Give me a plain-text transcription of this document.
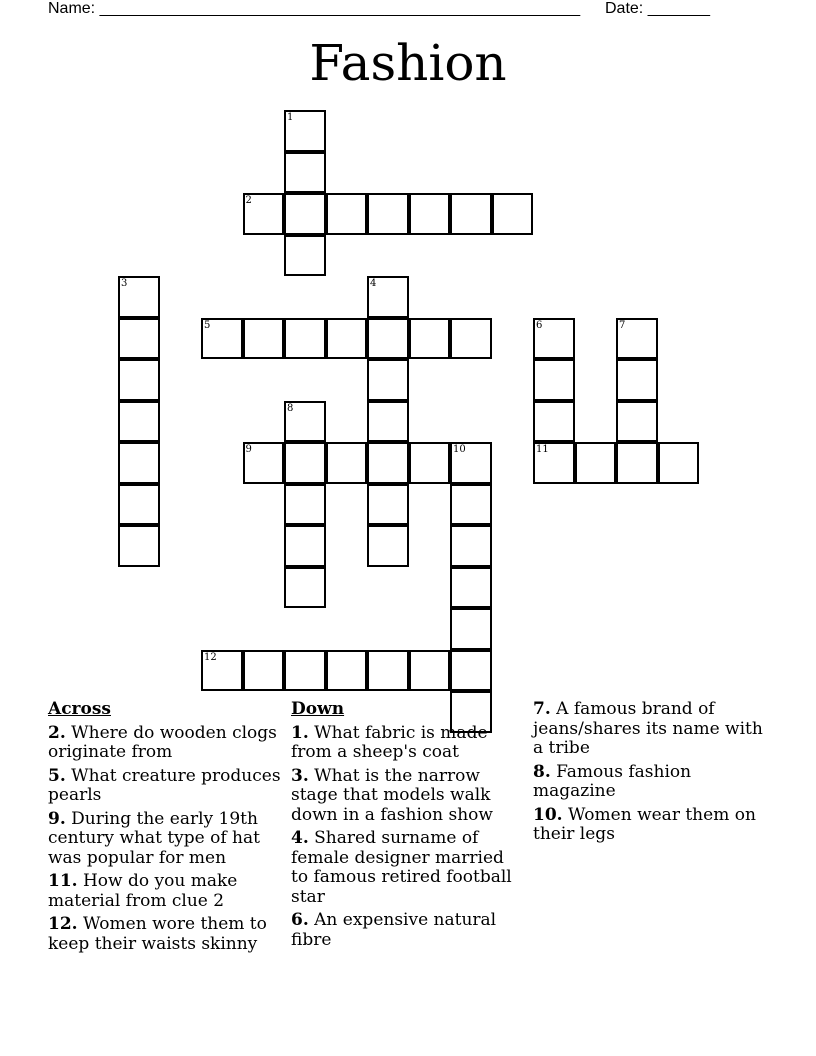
Name: ______________________________________________________ Date: _______
Fashion
1
2
3	4
5	6
11
7
8
9	10
12
Across
2. Where do wooden clogs originate from
5. What creature produces pearls
9. During the early 19th century what type of hat was popular for men
11. How do you make material from clue 2
12. Women wore them to keep their waists skinny
Down
1. What fabric is made from a sheep's coat
3. What is the narrow stage that models walk down in a fashion show
4. Shared surname of female designer married to famous retired football star
6. An expensive natural fibre
7. A famous brand of jeans/shares its name with a tribe
8. Famous fashion magazine
10. Women wear them on their legs
